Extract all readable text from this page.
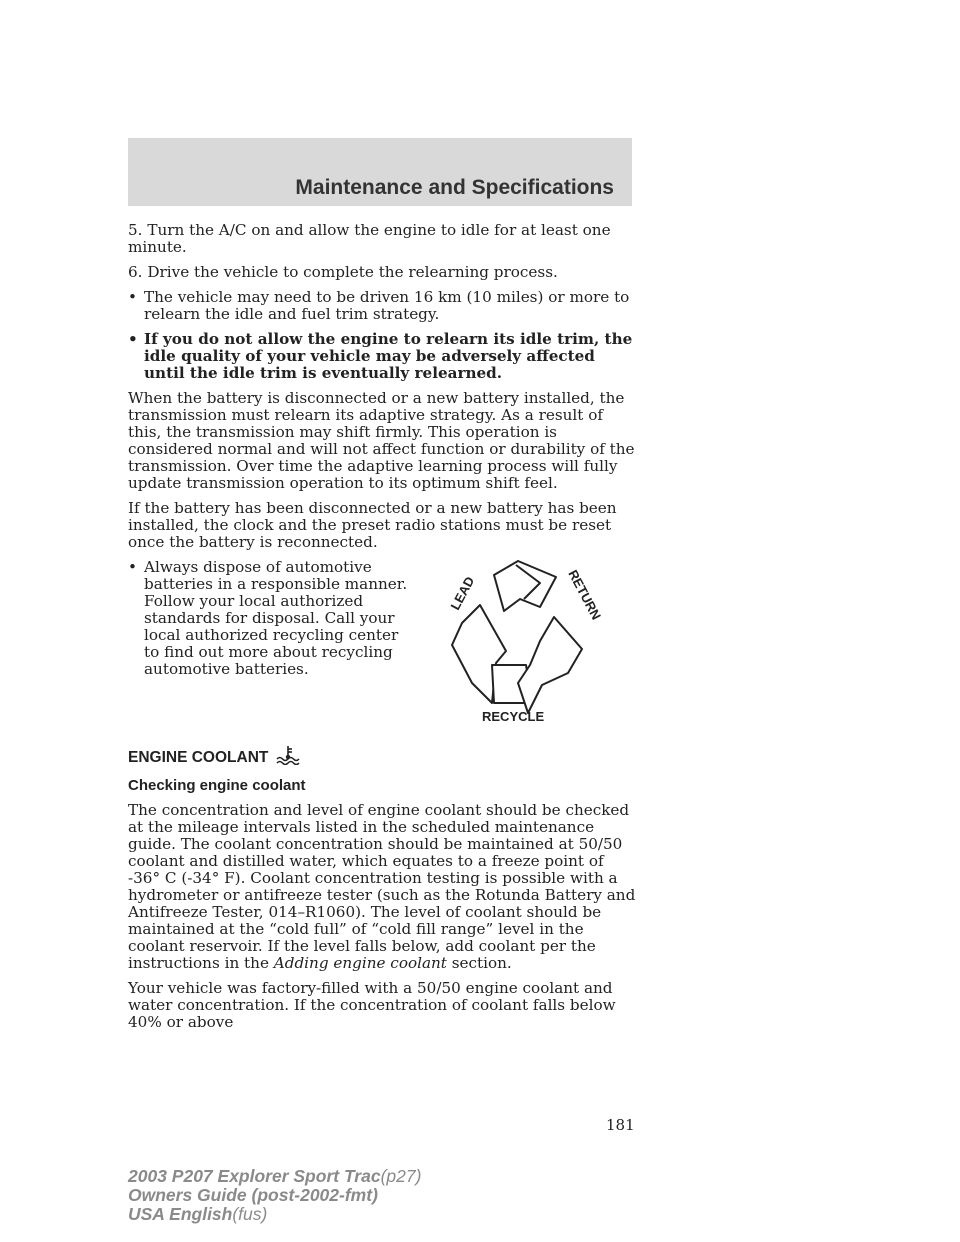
Maintenance and Specifications

5. Turn the A/C on and allow the engine to idle for at least one minute.

6. Drive the vehicle to complete the relearning process.

• The vehicle may need to be driven 16 km (10 miles) or more to relearn the idle and fuel trim strategy.
• If you do not allow the engine to relearn its idle trim, the idle quality of your vehicle may be adversely affected until the idle trim is eventually relearned.

When the battery is disconnected or a new battery installed, the transmission must relearn its adaptive strategy. As a result of this, the transmission may shift firmly. This operation is considered normal and will not affect function or durability of the transmission. Over time the adaptive learning process will fully update transmission operation to its optimum shift feel.

If the battery has been disconnected or a new battery has been installed, the clock and the preset radio stations must be reset once the battery is reconnected.

• Always dispose of automotive batteries in a responsible manner. Follow your local authorized standards for disposal. Call your local authorized recycling center to find out more about recycling automotive batteries.
LEAD	RETURN
RECYCLE
ENGINE COOLANT
Checking engine coolant

The concentration and level of engine coolant should be checked at the mileage intervals listed in the scheduled maintenance guide. The coolant concentration should be maintained at 50/50 coolant and distilled water, which equates to a freeze point of -36° C (-34° F). Coolant concentration testing is possible with a hydrometer or antifreeze tester (such as the Rotunda Battery and Antifreeze Tester, 014–R1060). The level of coolant should be maintained at the “cold full” of “cold fill range” level in the coolant reservoir. If the level falls below, add coolant per the instructions in the Adding engine coolant section.

Your vehicle was factory-filled with a 50/50 engine coolant and water concentration. If the concentration of coolant falls below 40% or above

181
2003 P207 Explorer Sport Trac(p27)
Owners Guide (post-2002-fmt)
USA English(fus)
